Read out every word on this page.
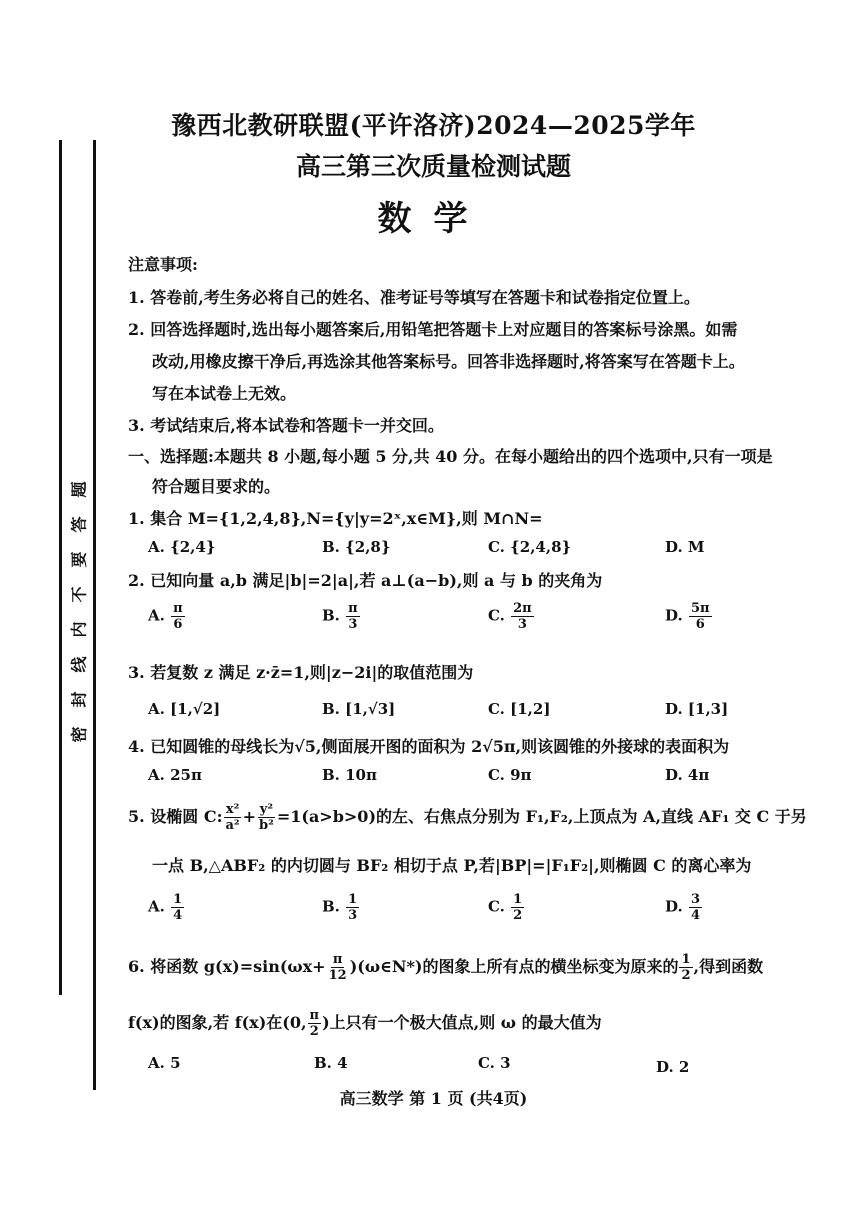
题
答
要
不
内
线
封
密
豫西北教研联盟(平许洛济)2024—2025学年
高三第三次质量检测试题
数学
注意事项:
1. 答卷前,考生务必将自己的姓名、准考证号等填写在答题卡和试卷指定位置上。
2. 回答选择题时,选出每小题答案后,用铅笔把答题卡上对应题目的答案标号涂黑。如需
改动,用橡皮擦干净后,再选涂其他答案标号。回答非选择题时,将答案写在答题卡上。
写在本试卷上无效。
3. 考试结束后,将本试卷和答题卡一并交回。
一、选择题:本题共 8 小题,每小题 5 分,共 40 分。在每小题给出的四个选项中,只有一项是
符合题目要求的。
1. 集合 M={1,2,4,8},N={y|y=2ˣ,x∈M},则 M∩N=
A. {2,4}	B. {2,8}	C. {2,4,8}	D. M
2. 已知向量 a,b 满足|b|=2|a|,若 a⊥(a−b),则 a 与 b 的夹角为
A. $\frac{\pi}{6}$	B. $\frac{\pi}{3}$	C. $\frac{2\pi}{3}$	D. $\frac{5\pi}{6}$
3. 若复数 z 满足 z·z̄=1,则|z−2i|的取值范围为
A. [1,√2]	B. [1,√3]	C. [1,2]	D. [1,3]
4. 已知圆锥的母线长为√5,侧面展开图的面积为 2√5π,则该圆锥的外接球的表面积为
A. 25π	B. 10π	C. 9π	D. 4π
5. 设椭圆 C: $\frac{\text{x²}}{\text{a²}} + \frac{\text{y²}}{\text{b²}} =1(a>b>0)$的左、右焦点分别为 F₁,F₂,上顶点为 A,直线 AF₁ 交 C 于另
一点 B,△ABF₂ 的内切圆与 BF₂ 相切于点 P,若|BP|=|F₁F₂|,则椭圆 C 的离心率为
A. $\frac{1}{4}$	B. $\frac{1}{3}$	C. $\frac{1}{2}$	D. $\frac{3}{4}$
6. 将函数 $g(x)=\sin(\omega x+ \frac{\pi}{12}$ )(ω∈N*)的图象上所有点的横坐标变为原来的 $\frac{1}{2}$ ,得到函数
f(x)的图象,若 f(x)在(0, $\frac{\pi}{2}$ )上只有一个极大值点,则 ω 的最大值为
A. 5	B. 4	C. 3	D. 2
高三数学 第 1 页 (共4页)
